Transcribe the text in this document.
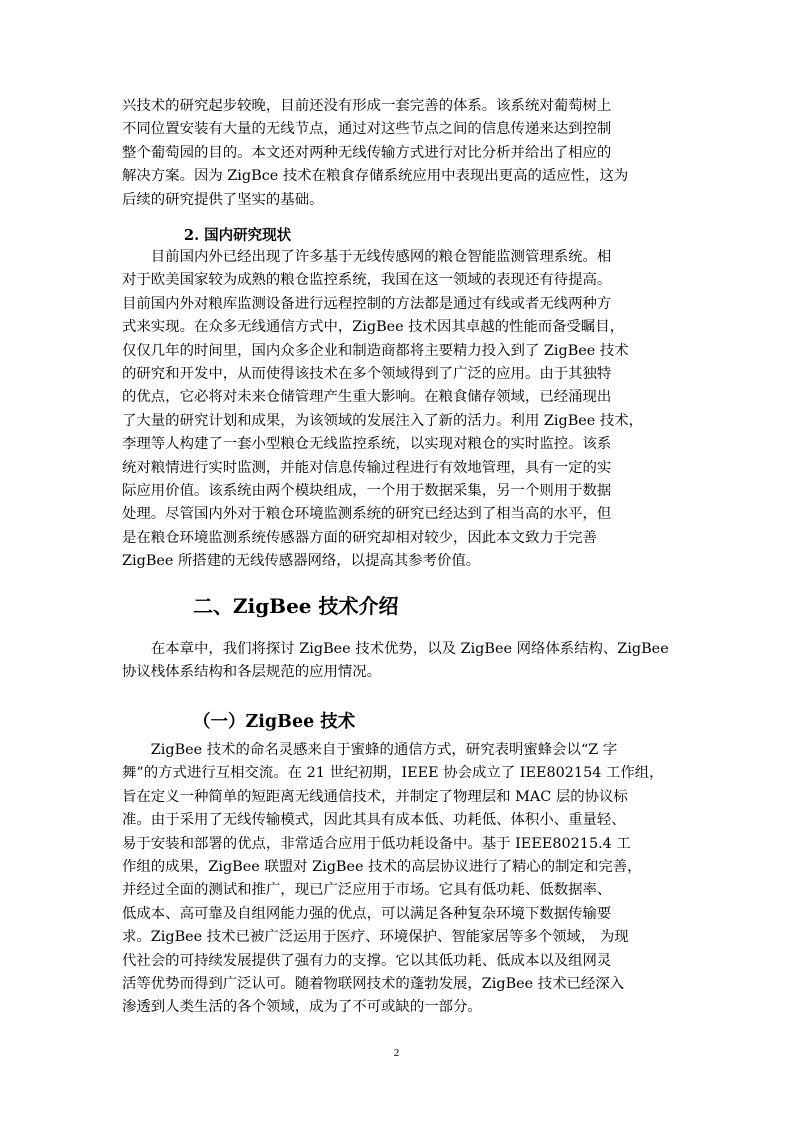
兴技术的研究起步较晚，目前还没有形成一套完善的体系。该系统对葡萄树上
不同位置安装有大量的无线节点，通过对这些节点之间的信息传递来达到控制
整个葡萄园的目的。本文还对两种无线传输方式进行对比分析并给出了相应的
解决方案。因为 ZigBce 技术在粮食存储系统应用中表现出更高的适应性，这为
后续的研究提供了坚实的基础。
2. 国内研究现状
　　目前国内外已经出现了许多基于无线传感网的粮仓智能监测管理系统。相
对于欧美国家较为成熟的粮仓监控系统，我国在这一领域的表现还有待提高。
目前国内外对粮库监测设备进行远程控制的方法都是通过有线或者无线两种方
式来实现。在众多无线通信方式中，ZigBee 技术因其卓越的性能而备受瞩目，
仅仅几年的时间里，国内众多企业和制造商都将主要精力投入到了 ZigBee 技术
的研究和开发中，从而使得该技术在多个领域得到了广泛的应用。由于其独特
的优点，它必将对未来仓储管理产生重大影响。在粮食储存领域，已经涌现出
了大量的研究计划和成果，为该领域的发展注入了新的活力。利用 ZigBee 技术，
李理等人构建了一套小型粮仓无线监控系统，以实现对粮仓的实时监控。该系
统对粮情进行实时监测，并能对信息传输过程进行有效地管理，具有一定的实
际应用价值。该系统由两个模块组成，一个用于数据采集，另一个则用于数据
处理。尽管国内外对于粮仓环境监测系统的研究已经达到了相当高的水平，但
是在粮仓环境监测系统传感器方面的研究却相对较少，因此本文致力于完善
ZigBee 所搭建的无线传感器网络，以提高其参考价值。
二、ZigBee 技术介绍
　　在本章中，我们将探讨 ZigBee 技术优势，以及 ZigBee 网络体系结构、ZigBee
协议栈体系结构和各层规范的应用情况。
（一）ZigBee 技术
　　ZigBee 技术的命名灵感来自于蜜蜂的通信方式，研究表明蜜蜂会以“Z 字
舞”的方式进行互相交流。在 21 世纪初期，IEEE 协会成立了 IEE802154 工作组，
旨在定义一种简单的短距离无线通信技术，并制定了物理层和 MAC 层的协议标
准。由于采用了无线传输模式，因此其具有成本低、功耗低、体积小、重量轻、
易于安装和部署的优点，非常适合应用于低功耗设备中。基于 IEEE80215.4 工
作组的成果，ZigBee 联盟对 ZigBee 技术的高层协议进行了精心的制定和完善，
并经过全面的测试和推广，现已广泛应用于市场。它具有低功耗、低数据率、
低成本、高可靠及自组网能力强的优点，可以满足各种复杂环境下数据传输要
求。ZigBee 技术已被广泛运用于医疗、环境保护、智能家居等多个领域， 为现
代社会的可持续发展提供了强有力的支撑。它以其低功耗、低成本以及组网灵
活等优势而得到广泛认可。随着物联网技术的蓬勃发展，ZigBee 技术已经深入
渗透到人类生活的各个领域，成为了不可或缺的一部分。
2
